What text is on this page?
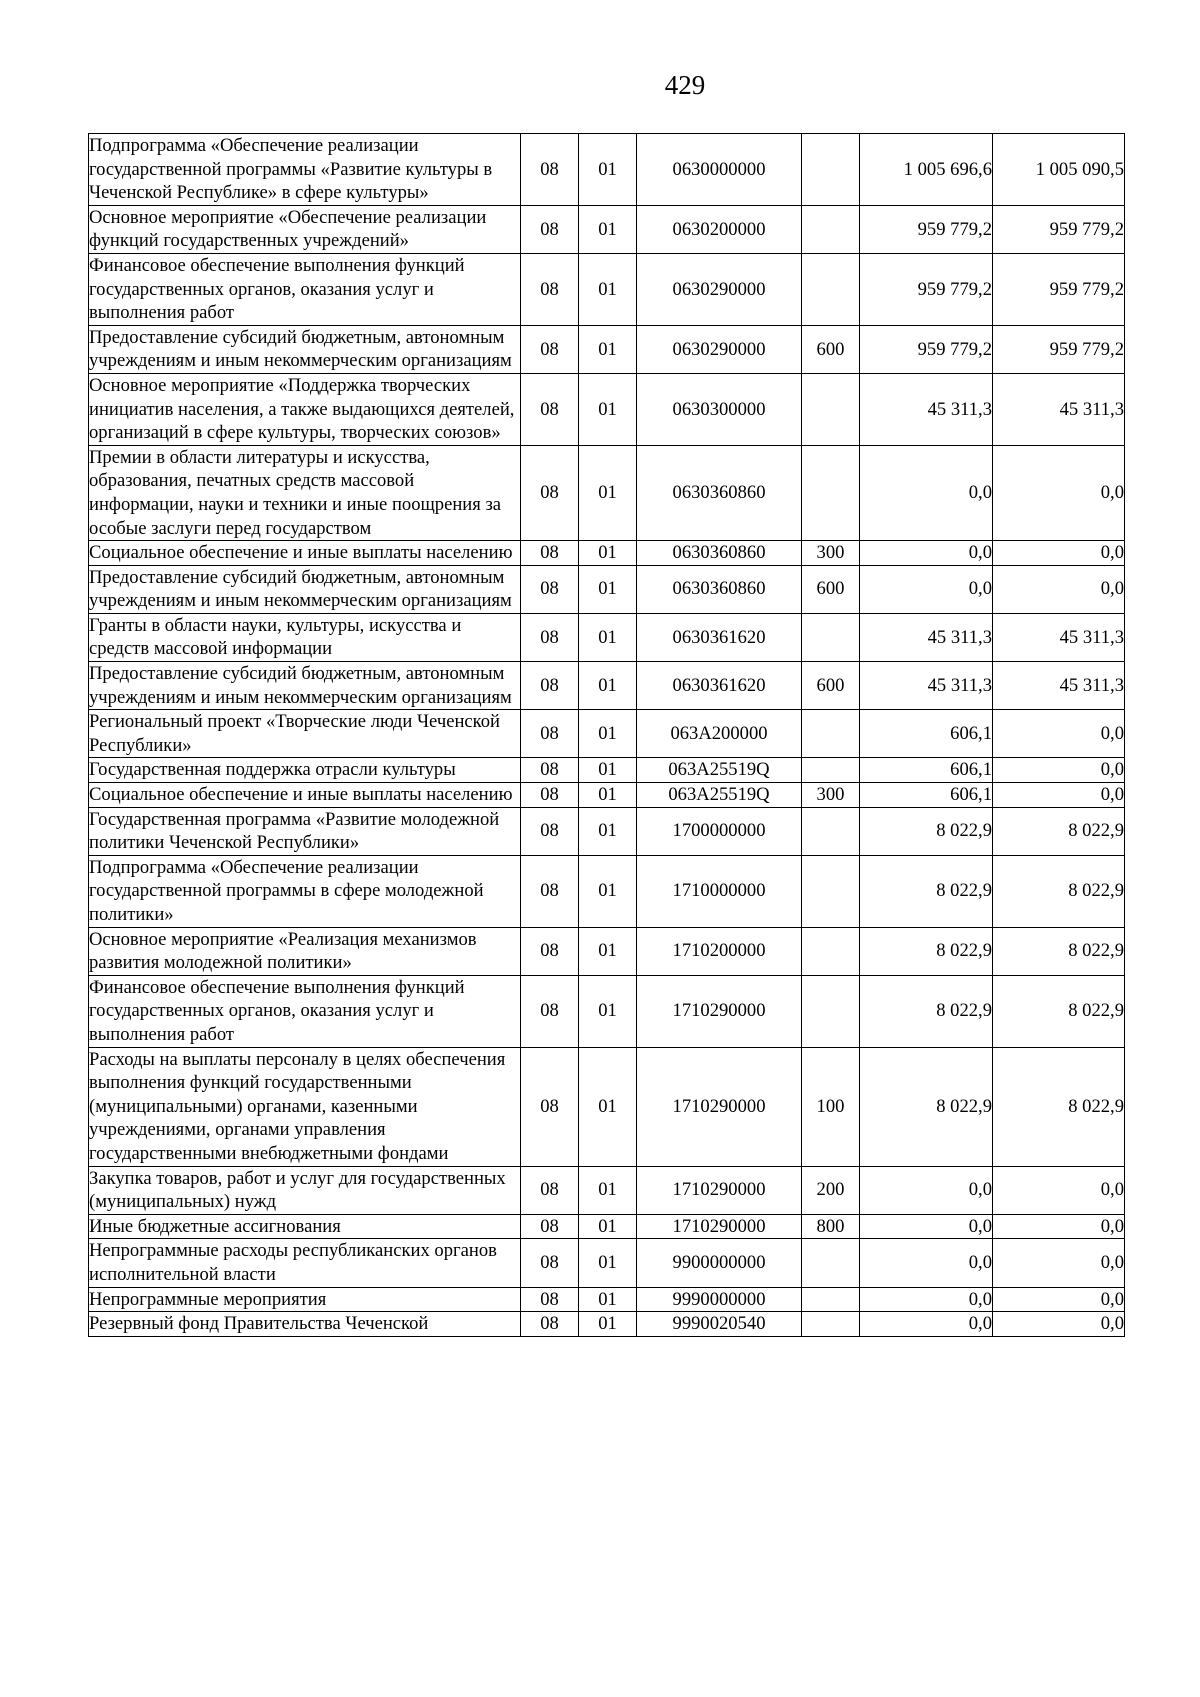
429
Подпрограмма «Обеспечение реализации государственной программы «Развитие культуры в Чеченской Республике» в сфере культуры»	08	01	0630000000		1 005 696,6	1 005 090,5
Основное мероприятие «Обеспечение реализации функций государственных учреждений»	08	01	0630200000		959 779,2	959 779,2
Финансовое обеспечение выполнения функций государственных органов, оказания услуг и выполнения работ	08	01	0630290000		959 779,2	959 779,2
Предоставление субсидий бюджетным, автономным учреждениям и иным некоммерческим организациям	08	01	0630290000	600	959 779,2	959 779,2
Основное мероприятие «Поддержка творческих инициатив населения, а также выдающихся деятелей, организаций в сфере культуры, творческих союзов»	08	01	0630300000		45 311,3	45 311,3
Премии в области литературы и искусства, образования, печатных средств массовой информации, науки и техники и иные поощрения за особые заслуги перед государством	08	01	0630360860		0,0	0,0
Социальное обеспечение и иные выплаты населению	08	01	0630360860	300	0,0	0,0
Предоставление субсидий бюджетным, автономным учреждениям и иным некоммерческим организациям	08	01	0630360860	600	0,0	0,0
Гранты в области науки, культуры, искусства и средств массовой информации	08	01	0630361620		45 311,3	45 311,3
Предоставление субсидий бюджетным, автономным учреждениям и иным некоммерческим организациям	08	01	0630361620	600	45 311,3	45 311,3
Региональный проект «Творческие люди Чеченской Республики»	08	01	063A200000		606,1	0,0
Государственная поддержка отрасли культуры	08	01	063A25519Q		606,1	0,0
Социальное обеспечение и иные выплаты населению	08	01	063A25519Q	300	606,1	0,0
Государственная программа «Развитие молодежной политики Чеченской Республики»	08	01	1700000000		8 022,9	8 022,9
Подпрограмма «Обеспечение реализации государственной программы в сфере молодежной политики»	08	01	1710000000		8 022,9	8 022,9
Основное мероприятие «Реализация механизмов развития молодежной политики»	08	01	1710200000		8 022,9	8 022,9
Финансовое обеспечение выполнения функций государственных органов, оказания услуг и выполнения работ	08	01	1710290000		8 022,9	8 022,9
Расходы на выплаты персоналу в целях обеспечения выполнения функций государственными (муниципальными) органами, казенными учреждениями, органами управления государственными внебюджетными фондами	08	01	1710290000	100	8 022,9	8 022,9
Закупка товаров, работ и услуг для государственных (муниципальных) нужд	08	01	1710290000	200	0,0	0,0
Иные бюджетные ассигнования	08	01	1710290000	800	0,0	0,0
Непрограммные расходы республиканских органов исполнительной власти	08	01	9900000000		0,0	0,0
Непрограммные мероприятия	08	01	9990000000		0,0	0,0
Резервный фонд Правительства Чеченской	08	01	9990020540		0,0	0,0
